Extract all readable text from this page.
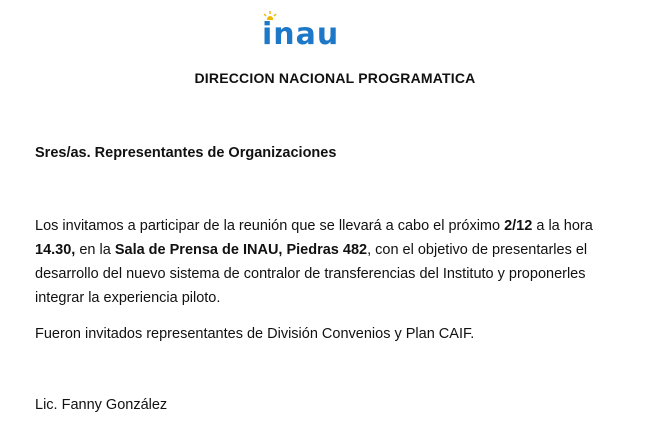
inau
DIRECCION NACIONAL PROGRAMATICA
Sres/as. Representantes de Organizaciones
Los invitamos a participar de la reunión que se llevará a cabo el próximo 2/12 a la hora
14.30, en la Sala de Prensa de INAU, Piedras 482, con el objetivo de presentarles el desarrollo del nuevo sistema de contralor de transferencias del Instituto y proponerles integrar la experiencia piloto.
Fueron invitados representantes de División Convenios y Plan CAIF.
Lic. Fanny González
